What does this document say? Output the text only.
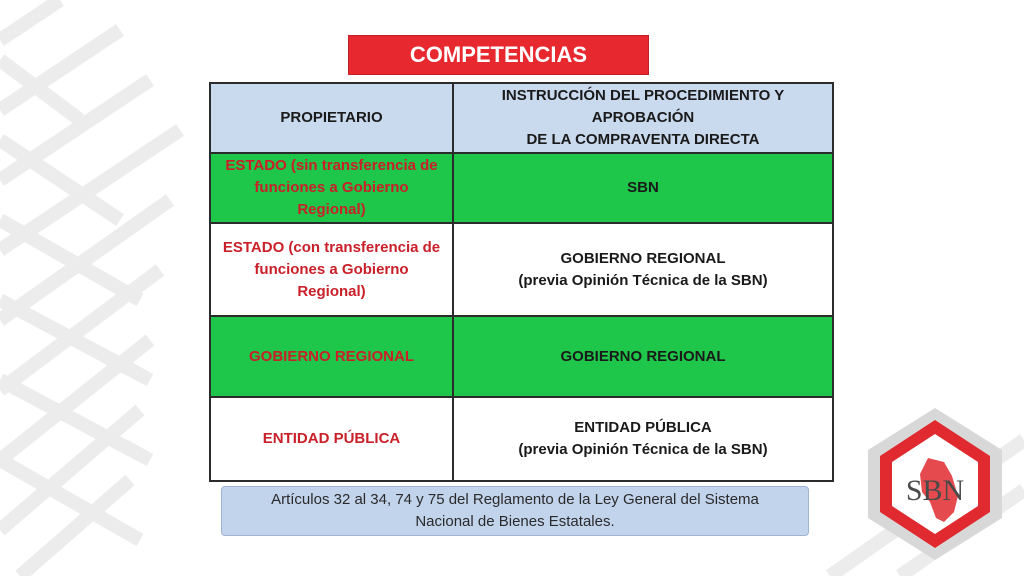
COMPETENCIAS
PROPIETARIO	INSTRUCCIÓN DEL PROCEDIMIENTO Y
APROBACIÓN
DE LA COMPRAVENTA DIRECTA

ESTADO (sin transferencia de
funciones a Gobierno
Regional)	SBN

ESTADO (con transferencia de
funciones a Gobierno
Regional)	GOBIERNO REGIONAL
(previa Opinión Técnica de la SBN)

GOBIERNO REGIONAL	GOBIERNO REGIONAL

ENTIDAD PÚBLICA	ENTIDAD PÚBLICA
(previa Opinión Técnica de la SBN)
Artículos 32 al 34, 74 y 75 del Reglamento de la Ley General del Sistema
Nacional de Bienes Estatales.
SBN
